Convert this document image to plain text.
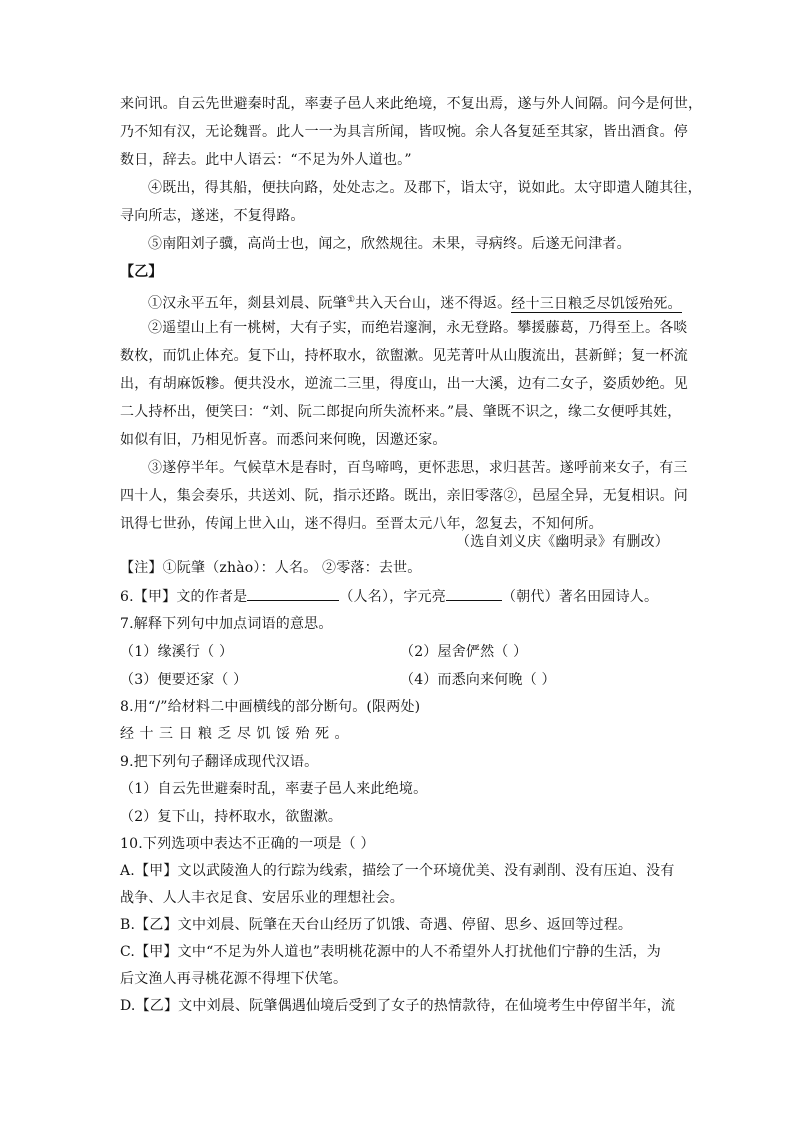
来问讯。自云先世避秦时乱，率妻子邑人来此绝境，不复出焉，遂与外人间隔。问今是何世，
乃不知有汉，无论魏晋。此人一一为具言所闻，皆叹惋。余人各复延至其家，皆出酒食。停
数日，辞去。此中人语云：“不足为外人道也。”
④既出，得其船，便扶向路，处处志之。及郡下，诣太守，说如此。太守即遣人随其往，
寻向所志，遂迷，不复得路。
⑤南阳刘子骥，高尚士也，闻之，欣然规往。未果，寻病终。后遂无问津者。
【乙】
①汉永平五年，剡县刘晨、阮肇①共入天台山，迷不得返。经十三日粮乏尽饥馁殆死。
②遥望山上有一桃树，大有子实，而绝岩邃涧，永无登路。攀援藤葛，乃得至上。各啖
数枚，而饥止体充。复下山，持杯取水，欲盥漱。见芜菁叶从山腹流出，甚新鲜；复一杯流
出，有胡麻饭糁。便共没水，逆流二三里，得度山，出一大溪，边有二女子，姿质妙绝。见
二人持杯出，便笑曰：“刘、阮二郎捉向所失流杯来。”晨、肇既不识之，缘二女便呼其姓，
如似有旧，乃相见忻喜。而悉问来何晚，因邀还家。
③遂停半年。气候草木是春时，百鸟啼鸣，更怀悲思，求归甚苦。遂呼前来女子，有三
四十人，集会奏乐，共送刘、阮，指示还路。既出，亲旧零落②，邑屋全异，无复相识。问
讯得七世孙，传闻上世入山，迷不得归。至晋太元八年，忽复去，不知何所。
（选自刘义庆《幽明录》有删改）
【注】①阮肇（zhào）：人名。 ②零落：去世。
6.【甲】文的作者是	（人名），字元亮	（朝代）著名田园诗人。
7.解释下列句中加点词语的意思。
（1）缘溪行（ ）	（2）屋舍俨然（ ）
（3）便要还家（ ）	（4）而悉向来何晚（ ）
8.用“/”给材料二中画横线的部分断句。(限两处)
经十三日粮乏尽饥馁殆死。
9.把下列句子翻译成现代汉语。
（1）自云先世避秦时乱，率妻子邑人来此绝境。
（2）复下山，持杯取水，欲盥漱。
10.下列选项中表达不正确的一项是（ ）
A.【甲】文以武陵渔人的行踪为线索，描绘了一个环境优美、没有剥削、没有压迫、没有
战争、人人丰衣足食、安居乐业的理想社会。
B.【乙】文中刘晨、阮肇在天台山经历了饥饿、奇遇、停留、思乡、返回等过程。
C.【甲】文中“不足为外人道也”表明桃花源中的人不希望外人打扰他们宁静的生活，为
后文渔人再寻桃花源不得埋下伏笔。
D.【乙】文中刘晨、阮肇偶遇仙境后受到了女子的热情款待，在仙境考生中停留半年，流
